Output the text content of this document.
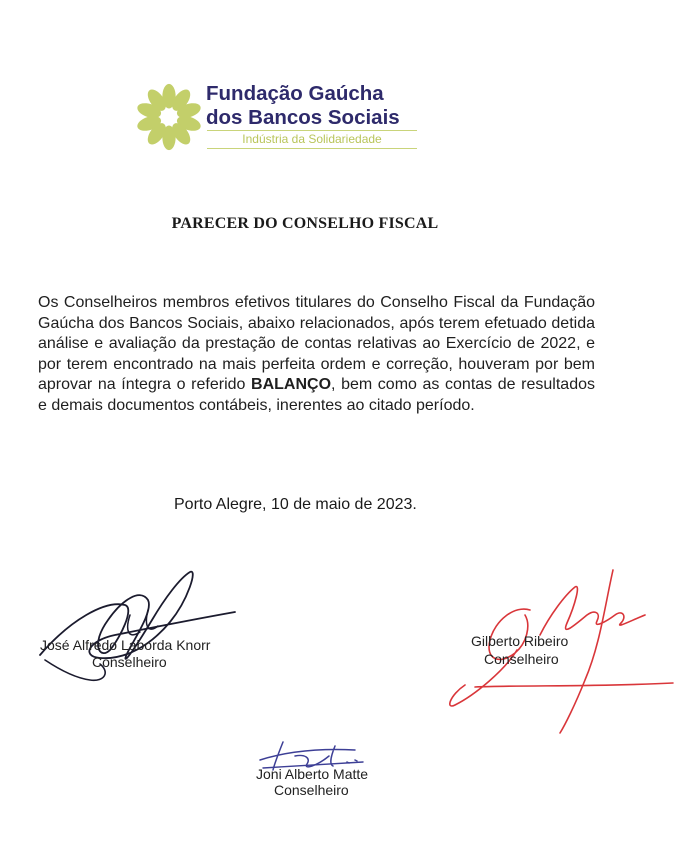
Fundação Gaúcha
dos Bancos Sociais
Indústria da Solidariedade
PARECER DO CONSELHO FISCAL
Os Conselheiros membros efetivos titulares do Conselho Fiscal da Fundação Gaúcha dos Bancos Sociais, abaixo relacionados, após terem efetuado detida análise e avaliação da prestação de contas relativas ao Exercício de 2022, e por terem encontrado na mais perfeita ordem e correção, houveram por bem aprovar na íntegra o referido BALANÇO, bem como as contas de resultados e demais documentos contábeis, inerentes ao citado período.
Porto Alegre, 10 de maio de 2023.
José Alfredo Laborda Knorr
Conselheiro
Gilberto Ribeiro
Conselheiro
Joni Alberto Matte
Conselheiro
